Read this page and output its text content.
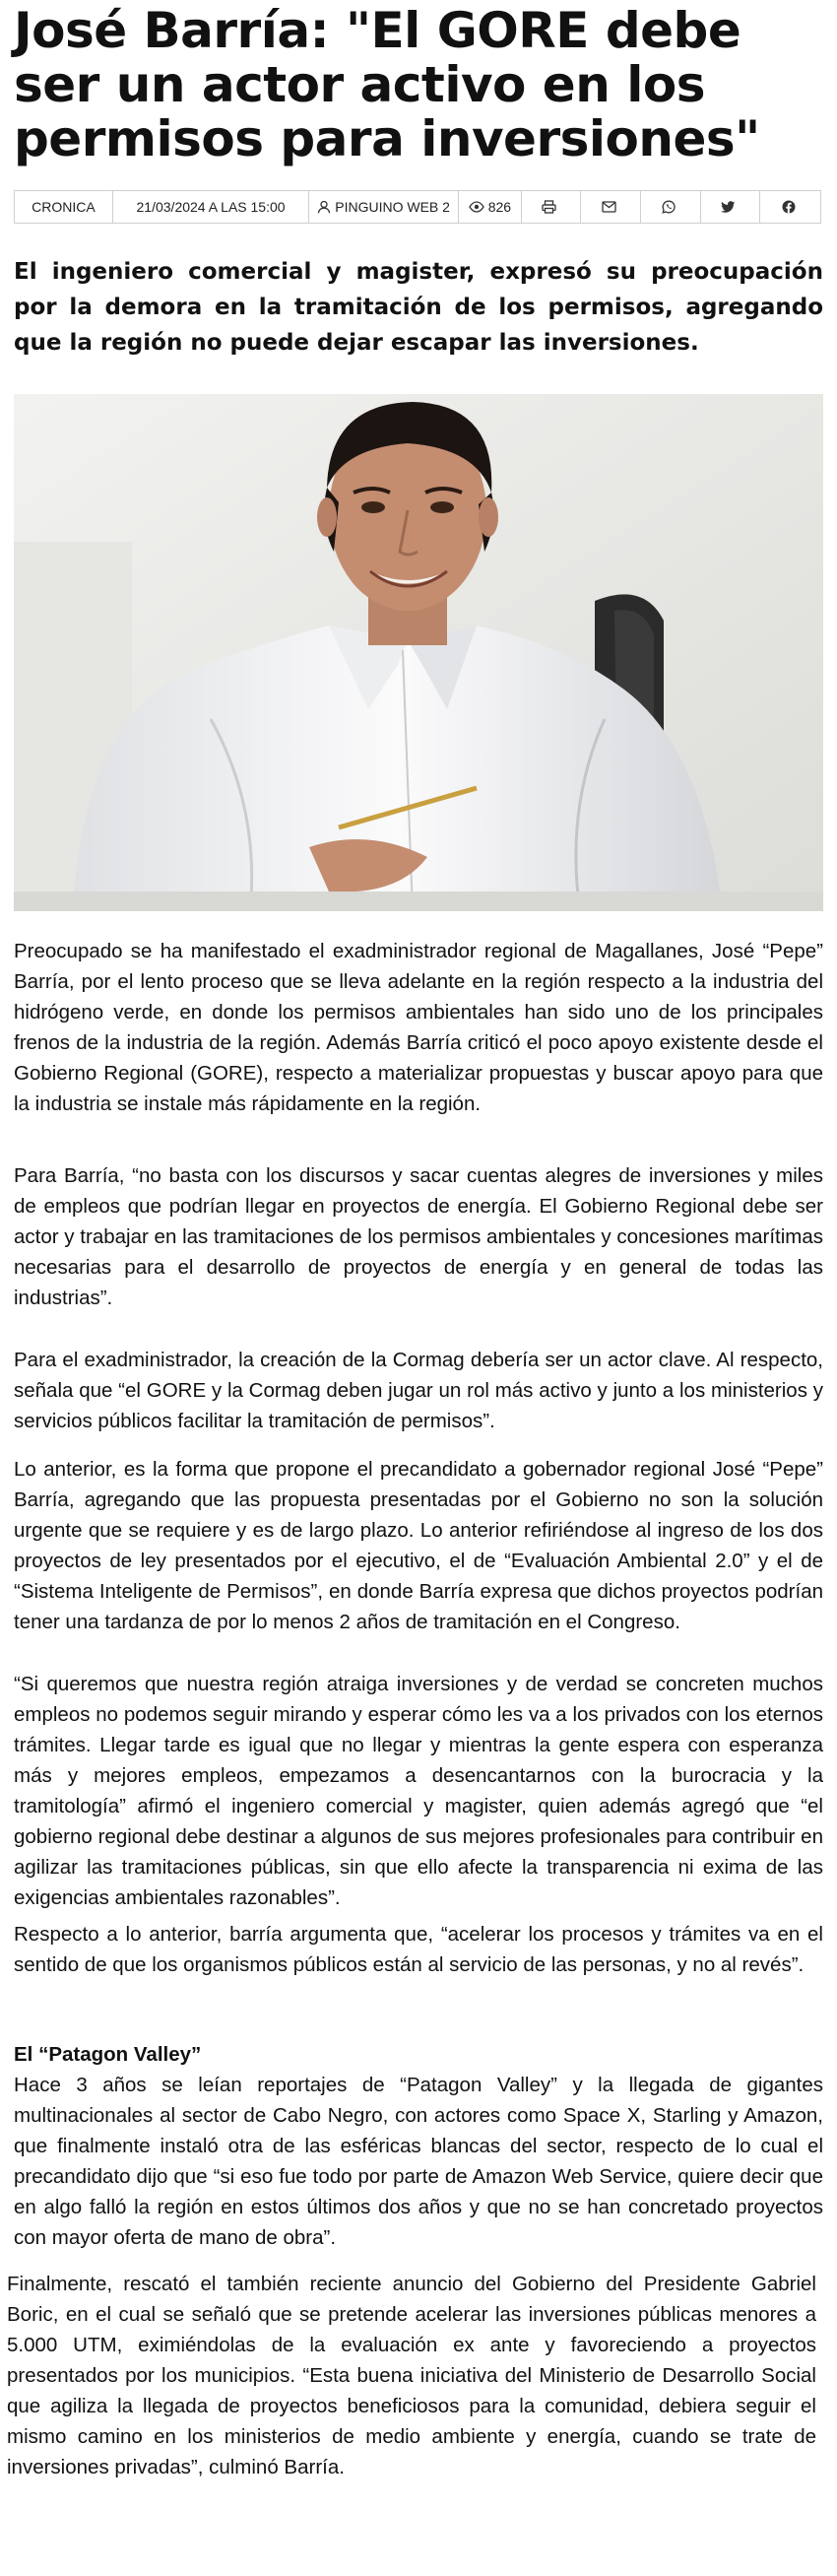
José Barría: "El GORE debe ser un actor activo en los permisos para inversiones"
CRONICA	21/03/2024 A LAS 15:00	PINGUINO WEB 2	826

El ingeniero comercial y magister, expresó su preocupación por la demora en la tramitación de los permisos, agregando que la región no puede dejar escapar las inversiones.

Preocupado se ha manifestado el exadministrador regional de Magallanes, José “Pepe” Barría, por el lento proceso que se lleva adelante en la región respecto a la industria del hidrógeno verde, en donde los permisos ambientales han sido uno de los principales frenos de la industria de la región. Además Barría criticó el poco apoyo existente desde el Gobierno Regional (GORE), respecto a materializar propuestas y buscar apoyo para que la industria se instale más rápidamente en la región.

Para Barría, “no basta con los discursos y sacar cuentas alegres de inversiones y miles de empleos que podrían llegar en proyectos de energía. El Gobierno Regional debe ser actor y trabajar en las tramitaciones de los permisos ambientales y concesiones marítimas necesarias para el desarrollo de proyectos de energía y en general de todas las industrias”.

Para el exadministrador, la creación de la Cormag debería ser un actor clave. Al respecto, señala que “el GORE y la Cormag deben jugar un rol más activo y junto a los ministerios y servicios públicos facilitar la tramitación de permisos”.

Lo anterior, es la forma que propone el precandidato a gobernador regional José “Pepe” Barría, agregando que las propuesta presentadas por el Gobierno no son la solución urgente que se requiere y es de largo plazo. Lo anterior refiriéndose al ingreso de los dos proyectos de ley presentados por el ejecutivo, el de “Evaluación Ambiental 2.0” y el de “Sistema Inteligente de Permisos”, en donde Barría expresa que dichos proyectos podrían tener una tardanza de por lo menos 2 años de tramitación en el Congreso.

“Si queremos que nuestra región atraiga inversiones y de verdad se concreten muchos empleos no podemos seguir mirando y esperar cómo les va a los privados con los eternos trámites. Llegar tarde es igual que no llegar y mientras la gente espera con esperanza más y mejores empleos, empezamos a desencantarnos con la burocracia y la tramitología” afirmó el ingeniero comercial y magister, quien además agregó que “el gobierno regional debe destinar a algunos de sus mejores profesionales para contribuir en agilizar las tramitaciones públicas, sin que ello afecte la transparencia ni exima de las exigencias ambientales razonables”.

Respecto a lo anterior, barría argumenta que, “acelerar los procesos y trámites va en el sentido de que los organismos públicos están al servicio de las personas, y no al revés”.

El “Patagon Valley”

Hace 3 años se leían reportajes de “Patagon Valley” y la llegada de gigantes multinacionales al sector de Cabo Negro, con actores como Space X, Starling y Amazon, que finalmente instaló otra de las esféricas blancas del sector, respecto de lo cual el precandidato dijo que “si eso fue todo por parte de Amazon Web Service, quiere decir que en algo falló la región en estos últimos dos años y que no se han concretado proyectos con mayor oferta de mano de obra”.

Finalmente, rescató el también reciente anuncio del Gobierno del Presidente Gabriel Boric, en el cual se señaló que se pretende acelerar las inversiones públicas menores a 5.000 UTM, eximiéndolas de la evaluación ex ante y favoreciendo a proyectos presentados por los municipios. “Esta buena iniciativa del Ministerio de Desarrollo Social que agiliza la llegada de proyectos beneficiosos para la comunidad, debiera seguir el mismo camino en los ministerios de medio ambiente y energía, cuando se trate de inversiones privadas”, culminó Barría.
